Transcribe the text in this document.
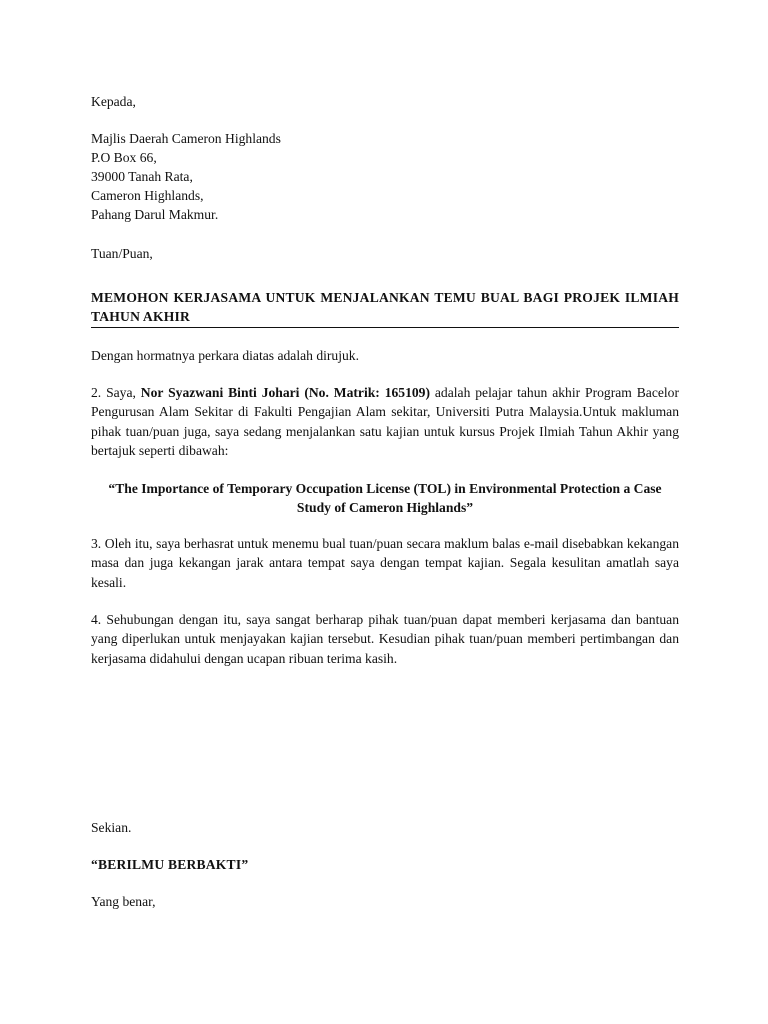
Kepada,
Majlis Daerah Cameron Highlands
P.O Box 66,
39000 Tanah Rata,
Cameron Highlands,
Pahang Darul Makmur.
Tuan/Puan,
MEMOHON KERJASAMA UNTUK MENJALANKAN TEMU BUAL BAGI PROJEK ILMIAH TAHUN AKHIR
Dengan hormatnya perkara diatas adalah dirujuk.
2. Saya, Nor Syazwani Binti Johari (No. Matrik: 165109) adalah pelajar tahun akhir Program Bacelor Pengurusan Alam Sekitar di Fakulti Pengajian Alam sekitar, Universiti Putra Malaysia.Untuk makluman pihak tuan/puan juga, saya sedang menjalankan satu kajian untuk kursus Projek Ilmiah Tahun Akhir yang bertajuk seperti dibawah:
“The Importance of Temporary Occupation License (TOL) in Environmental Protection a Case Study of Cameron Highlands”
3. Oleh itu, saya berhasrat untuk menemu bual tuan/puan secara maklum balas e-mail disebabkan kekangan masa dan juga kekangan jarak antara tempat saya dengan tempat kajian. Segala kesulitan amatlah saya kesali.
4. Sehubungan dengan itu, saya sangat berharap pihak tuan/puan dapat memberi kerjasama dan bantuan yang diperlukan untuk menjayakan kajian tersebut. Kesudian pihak tuan/puan memberi pertimbangan dan kerjasama didahului dengan ucapan ribuan terima kasih.
Sekian.
“BERILMU BERBAKTI”
Yang benar,
